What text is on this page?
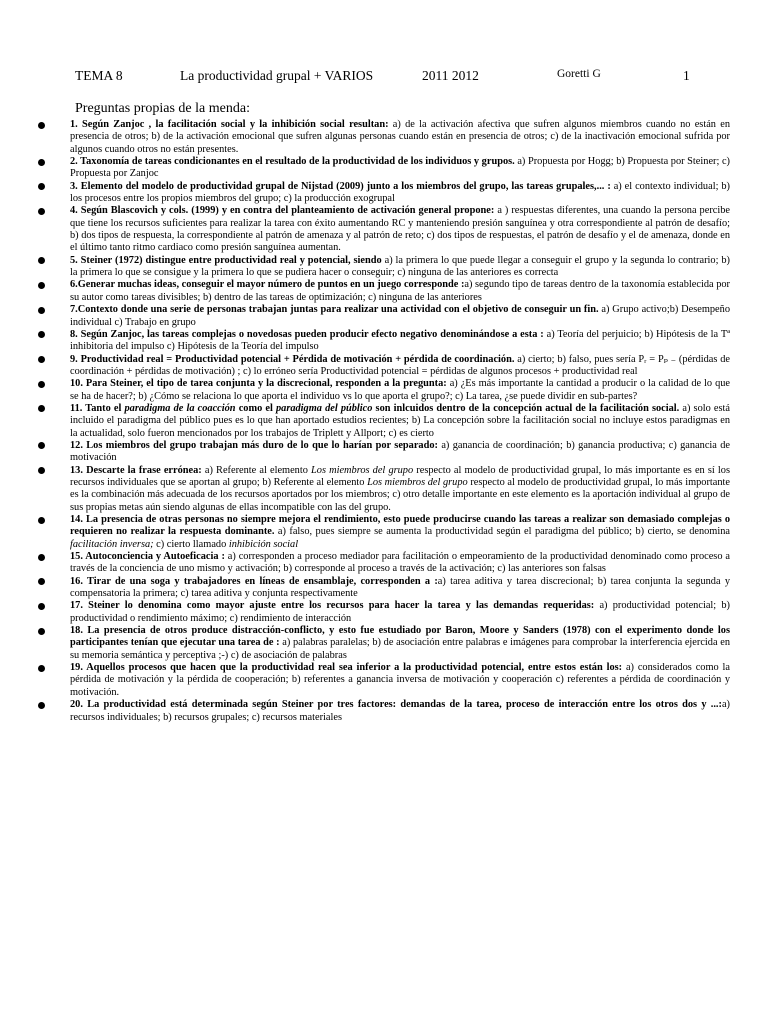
TEMA 8	La productividad grupal + VARIOS	2011 2012	Goretti G	1
Preguntas propias de la menda:
1. Según Zanjoc , la facilitación social y la inhibición social resultan: a) de la activación afectiva que sufren algunos miembros cuando no están en presencia de otros; b) de la activación emocional que sufren algunas personas cuando están en presencia de otros; c) de la inactivación emocional sufrida por algunos cuando otros no están presentes.
2. Taxonomía de tareas condicionantes en el resultado de la productividad de los individuos y grupos. a) Propuesta por Hogg; b) Propuesta por Steiner; c) Propuesta por Zanjoc
3. Elemento del modelo de productividad grupal de Nijstad (2009) junto a los miembros del grupo, las tareas grupales,... : a) el contexto individual; b) los procesos entre los propios miembros del grupo; c) la producción exogrupal
4. Según Blascovich y cols. (1999) y en contra del planteamiento de activación general propone: a ) respuestas diferentes, una cuando la persona percibe que tiene los recursos suficientes para realizar la tarea con éxito aumentando RC y manteniendo presión sanguínea y otra correspondiente al patrón de desafío; b) dos tipos de respuesta, la correspondiente al patrón de amenaza y al patrón de reto; c) dos tipos de respuestas, el patrón de desafío y el de amenaza, donde en el último tanto ritmo cardiaco como presión sanguínea aumentan.
5. Steiner (1972) distingue entre productividad real y potencial, siendo a) la primera lo que puede llegar a conseguir el grupo y la segunda lo contrario; b) la primera lo que se consigue y la primera lo que se pudiera hacer o conseguir; c) ninguna de las anteriores es correcta
6.Generar muchas ideas, conseguir el mayor número de puntos en un juego corresponde :a) segundo tipo de tareas dentro de la taxonomía establecida por su autor como tareas divisibles; b) dentro de las tareas de optimización; c) ninguna de las anteriores
7.Contexto donde una serie de personas trabajan juntas para realizar una actividad con el objetivo de conseguir un fin. a) Grupo activo;b) Desempeño individual c) Trabajo en grupo
8. Según Zanjoc, las tareas complejas o novedosas pueden producir efecto negativo denominándose a esta : a) Teoría del perjuicio; b) Hipótesis de la Tª inhibitoria del impulso c) Hipótesis de la Teoría del impulso
9. Productividad real = Productividad potencial + Pérdida de motivación + pérdida de coordinación. a) cierto; b) falso, pues sería Pᵣ = Pₚ ₋ (pérdidas de coordinación + pérdidas de motivación) ; c) lo erróneo sería Productividad potencial = pérdidas de algunos procesos + productividad real
10. Para Steiner, el tipo de tarea conjunta y la discrecional, responden a la pregunta: a) ¿Es más importante la cantidad a producir o la calidad de lo que se ha de hacer?; b) ¿Cómo se relaciona lo que aporta el individuo vs lo que aporta el grupo?; c) La tarea, ¿se puede dividir en sub-partes?
11. Tanto el paradigma de la coacción como el paradigma del público son inlcuidos dentro de la concepción actual de la facilitación social. a) solo está incluido el paradigma del público pues es lo que han aportado estudios recientes; b) La concepción sobre la facilitación social no incluye estos paradigmas en la actualidad, solo fueron mencionados por los trabajos de Triplett y Allport; c) es cierto
12. Los miembros del grupo trabajan más duro de lo que lo harían por separado: a) ganancia de coordinación; b) ganancia productiva; c) ganancia de motivación
13. Descarte la frase errónea: a) Referente al elemento Los miembros del grupo respecto al modelo de productividad grupal, lo más importante es en sí los recursos individuales que se aportan al grupo; b) Referente al elemento Los miembros del grupo respecto al modelo de productividad grupal, lo más importante es la combinación más adecuada de los recursos aportados por los miembros; c) otro detalle importante en este elemento es la aportación individual al grupo de sus propias metas aún siendo algunas de ellas incompatible con las del grupo.
14. La presencia de otras personas no siempre mejora el rendimiento, esto puede producirse cuando las tareas a realizar son demasiado complejas o requieren no realizar la respuesta dominante. a) falso, pues siempre se aumenta la productividad según el paradigma del público; b) cierto, se denomina facilitación inversa; c) cierto llamado inhibición social
15. Autoconciencia y Autoeficacia : a) corresponden a proceso mediador para facilitación o empeoramiento de la productividad denominado como proceso a través de la conciencia de uno mismo y activación; b) corresponde al proceso a través de la activación; c) las anteriores son falsas
16. Tirar de una soga y trabajadores en líneas de ensamblaje, corresponden a :a) tarea aditiva y tarea discrecional; b) tarea conjunta la segunda y compensatoria la primera; c) tarea aditiva y conjunta respectivamente
17. Steiner lo denomina como mayor ajuste entre los recursos para hacer la tarea y las demandas requeridas: a) productividad potencial; b) productividad o rendimiento máximo; c) rendimiento de interacción
18. La presencia de otros produce distracción-conflicto, y esto fue estudiado por Baron, Moore y Sanders (1978) con el experimento donde los participantes tenían que ejecutar una tarea de : a) palabras paralelas; b) de asociación entre palabras e imágenes para comprobar la interferencia ejercida en su memoria semántica y perceptiva ;-) c) de asociación de palabras
19. Aquellos procesos que hacen que la productividad real sea inferior a la productividad potencial, entre estos están los: a) considerados como la pérdida de motivación y la pérdida de cooperación; b) referentes a ganancia inversa de motivación y cooperación c) referentes a pérdida de coordinación y motivación.
20. La productividad está determinada según Steiner por tres factores: demandas de la tarea, proceso de interacción entre los otros dos y ...:a) recursos individuales; b) recursos grupales; c) recursos materiales
